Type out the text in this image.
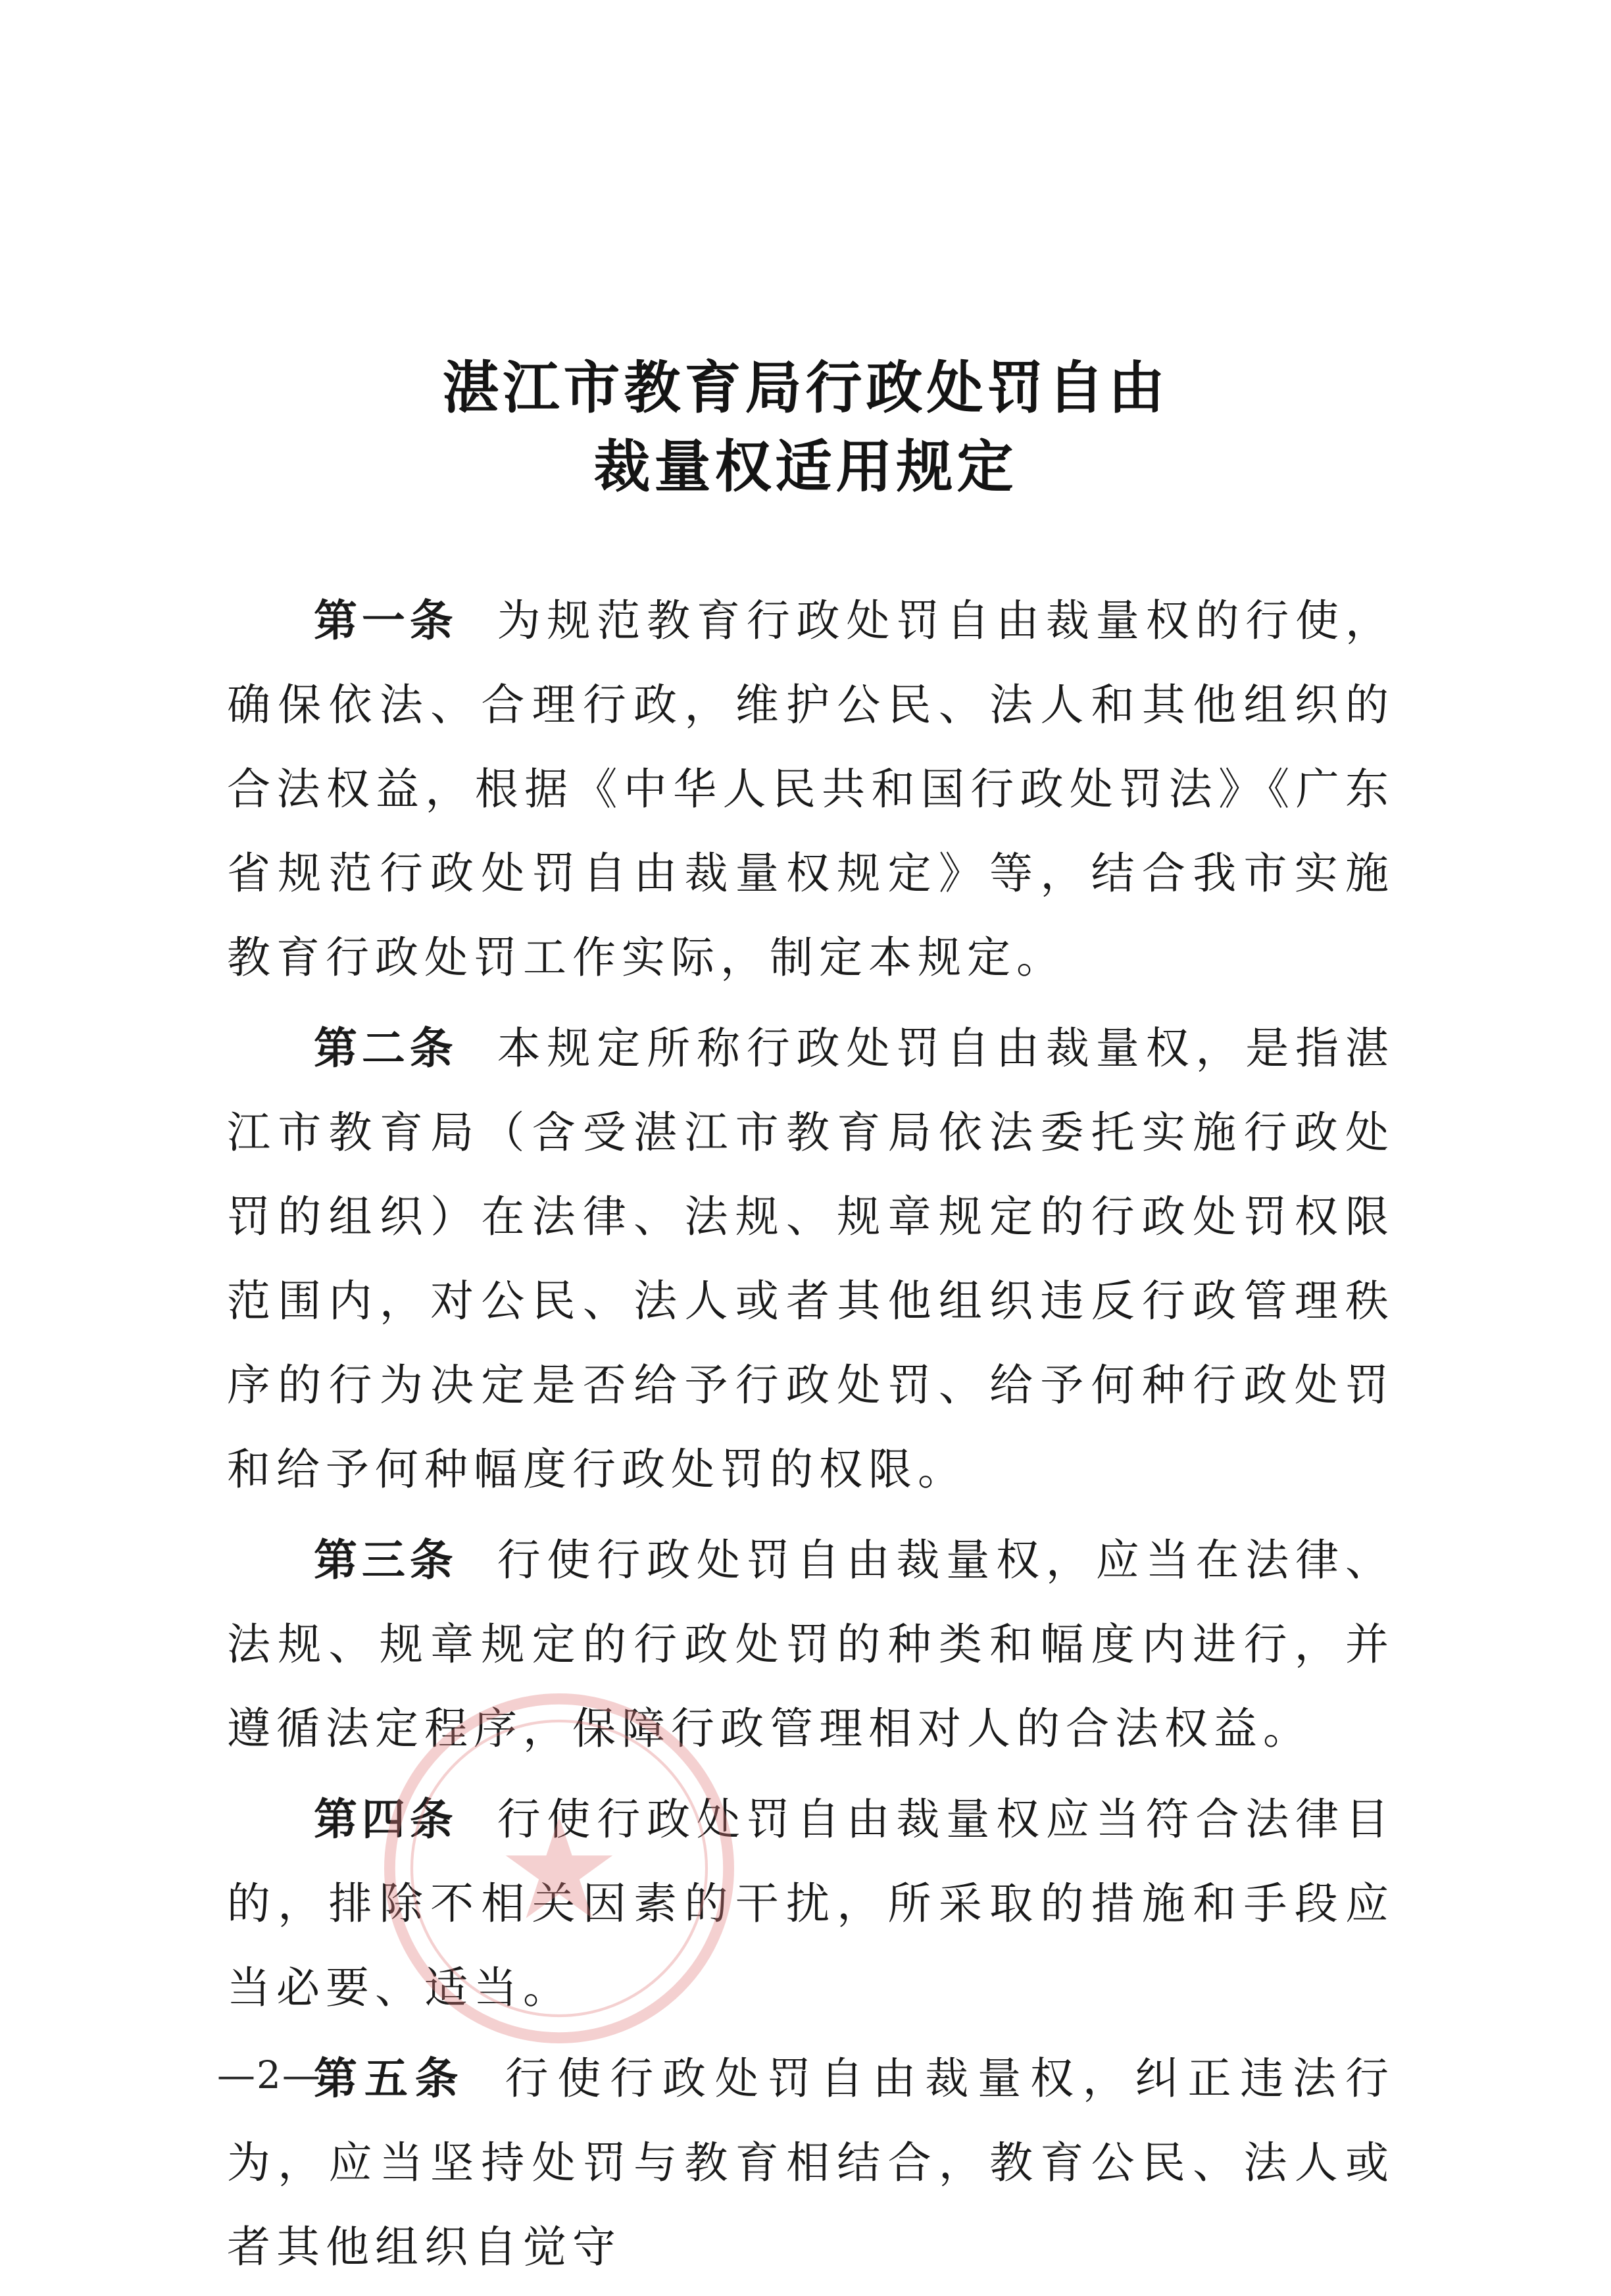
湛江市教育局行政处罚自由
裁量权适用规定

第一条 为规范教育行政处罚自由裁量权的行使，确保依法、合理行政，维护公民、法人和其他组织的合法权益，根据《中华人民共和国行政处罚法》《广东省规范行政处罚自由裁量权规定》等，结合我市实施教育行政处罚工作实际，制定本规定。

第二条 本规定所称行政处罚自由裁量权，是指湛江市教育局（含受湛江市教育局依法委托实施行政处罚的组织）在法律、法规、规章规定的行政处罚权限范围内，对公民、法人或者其他组织违反行政管理秩序的行为决定是否给予行政处罚、给予何种行政处罚和给予何种幅度行政处罚的权限。

第三条 行使行政处罚自由裁量权，应当在法律、法规、规章规定的行政处罚的种类和幅度内进行，并遵循法定程序，保障行政管理相对人的合法权益。

第四条 行使行政处罚自由裁量权应当符合法律目的，排除不相关因素的干扰，所采取的措施和手段应当必要、适当。

第五条 行使行政处罚自由裁量权，纠正违法行为，应当坚持处罚与教育相结合，教育公民、法人或者其他组织自觉守

—2—
